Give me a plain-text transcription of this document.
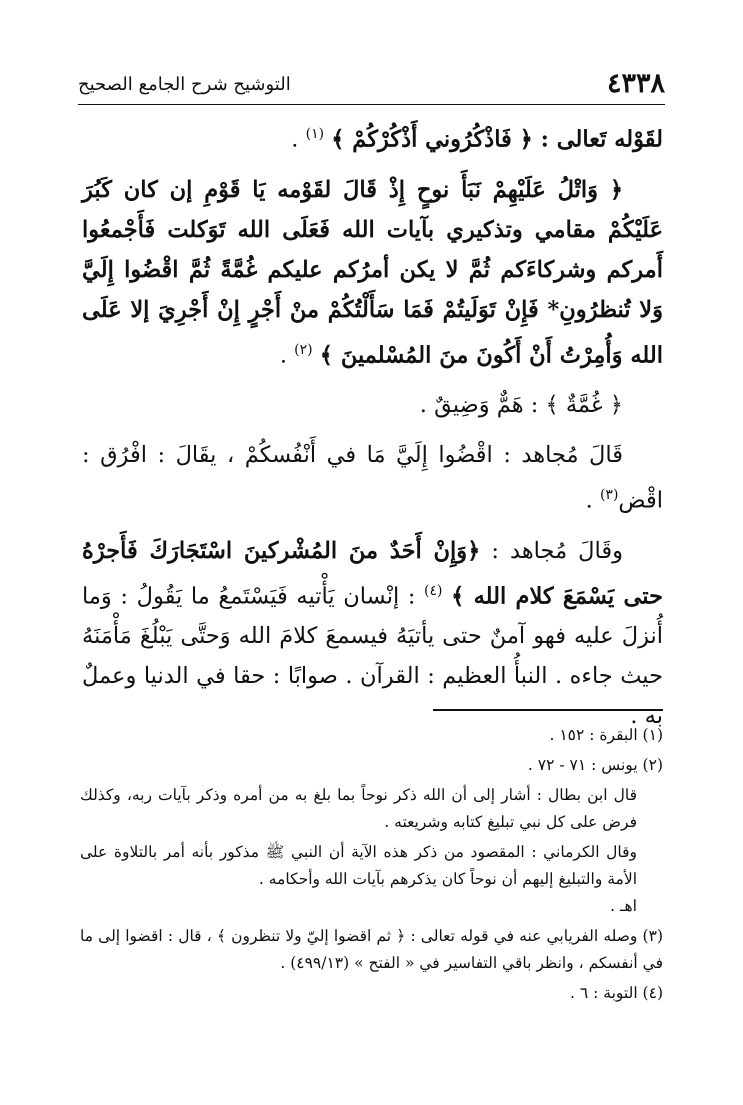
٤٣٣٨
التوشيح شرح الجامع الصحيح

لقَوْله تَعالى : ﴿ فَاذْكُرُوني أَذْكُرْكُمْ ﴾ $^{(١)}$ .

﴿ وَاتْلُ عَلَيْهِمْ نَبَأَ نوحٍ إِذْ قَالَ لقَوْمه يَا قَوْمِ إن كان كَبُرَ عَلَيْكُمْ مقامي وتذكيري بآيات الله فَعَلَى الله تَوَكلت فَأَجْمعُوا أَمركم وشركاءَكم ثُمَّ لا يكن أمرُكم عليكم غُمَّةً ثُمَّ اقْضُوا إِلَيَّ وَلا تُنظرُونِ* فَإِنْ تَوَلَيتُمْ فَمَا سَأَلْتُكُمْ منْ أَجْرٍ إِنْ أَجْرِيَ إلا عَلَى الله وَأُمِرْتُ أَنْ أَكُونَ منَ المُسْلمينَ ﴾ $^{(٢)}$ .

﴿ غُمَّةٌ ﴾ : هَمٌّ وَضِيقٌ .

قَالَ مُجاهد : اقْضُوا إِلَيَّ مَا في أَنْفُسكُمْ ، يقَالَ : افْرُق : اقْض$^{(٣)}$ .

وقَالَ مُجاهد : ﴿وَإِنْ أَحَدٌ منَ المُشْركينَ اسْتَجَارَكَ فَأَجرْهُ حتى يَسْمَعَ كلام الله ﴾ $^{(٤)}$ : إنْسان يَأْتيه فَيَسْتَمعُ ما يَقُولُ : وَما أُنزلَ عليه فهو آمنٌ حتى يأتيَهُ فيسمعَ كلامَ الله وَحتَّى يَبْلُغَ مَأْمَنَهُ حيث جاءه . النبأُ العظيم : القرآن . صوابًا : حقا في الدنيا وعملٌ به .

(١) البقرة : ١٥٢ .

(٢) يونس : ٧١ - ٧٢ .

قال ابن بطال : أشار إلى أن الله ذكر نوحاً بما بلغ به من أمره وذكر بآيات ربه، وكذلك فرض على كل نبي تبليغ كتابه وشريعته .

وقال الكرماني : المقصود من ذكر هذه الآية أن النبي ﷺ مذكور بأنه أمر بالتلاوة على الأمة والتبليغ إليهم أن نوحاً كان يذكرهم بآيات الله وأحكامه .

اهـ .

(٣) وصله الفريابي عنه في قوله تعالى : ﴿ ثم اقضوا إليّ ولا تنظرون ﴾ ، قال : اقضوا إلى ما في أنفسكم ، وانظر باقي التفاسير في « الفتح » (٤٩٩/١٣) .

(٤) التوبة : ٦ .
